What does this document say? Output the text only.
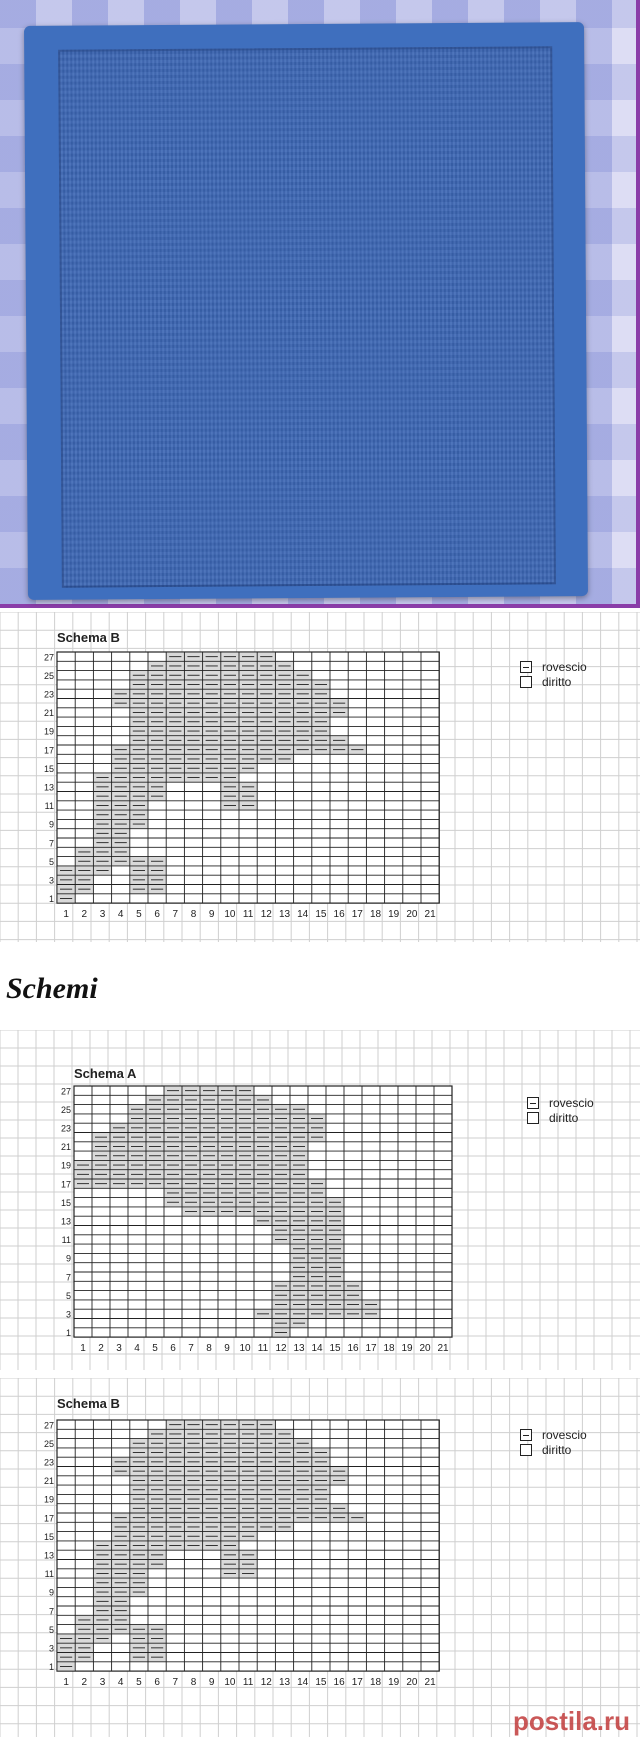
Schema B
1 2 3 4 5 6 7 8 9 10 11 12 13 14 15 16 17 18 19 20 21
1
3
5
7
9
11
13
15
17
19
21
23
25
27
rovescio
diritto
Schemi
Schema A
1 2 3 4 5 6 7 8 9 10 11 12 13 14 15 16 17 18 19 20 21
1
3
5
7
9
11
13
15
17
19
21
23
25
27
rovescio
diritto
Schema B
1 2 3 4 5 6 7 8 9 10 11 12 13 14 15 16 17 18 19 20 21
1
3
5
7
9
11
13
15
17
19
21
23
25
27
rovescio
diritto
postila.ru
